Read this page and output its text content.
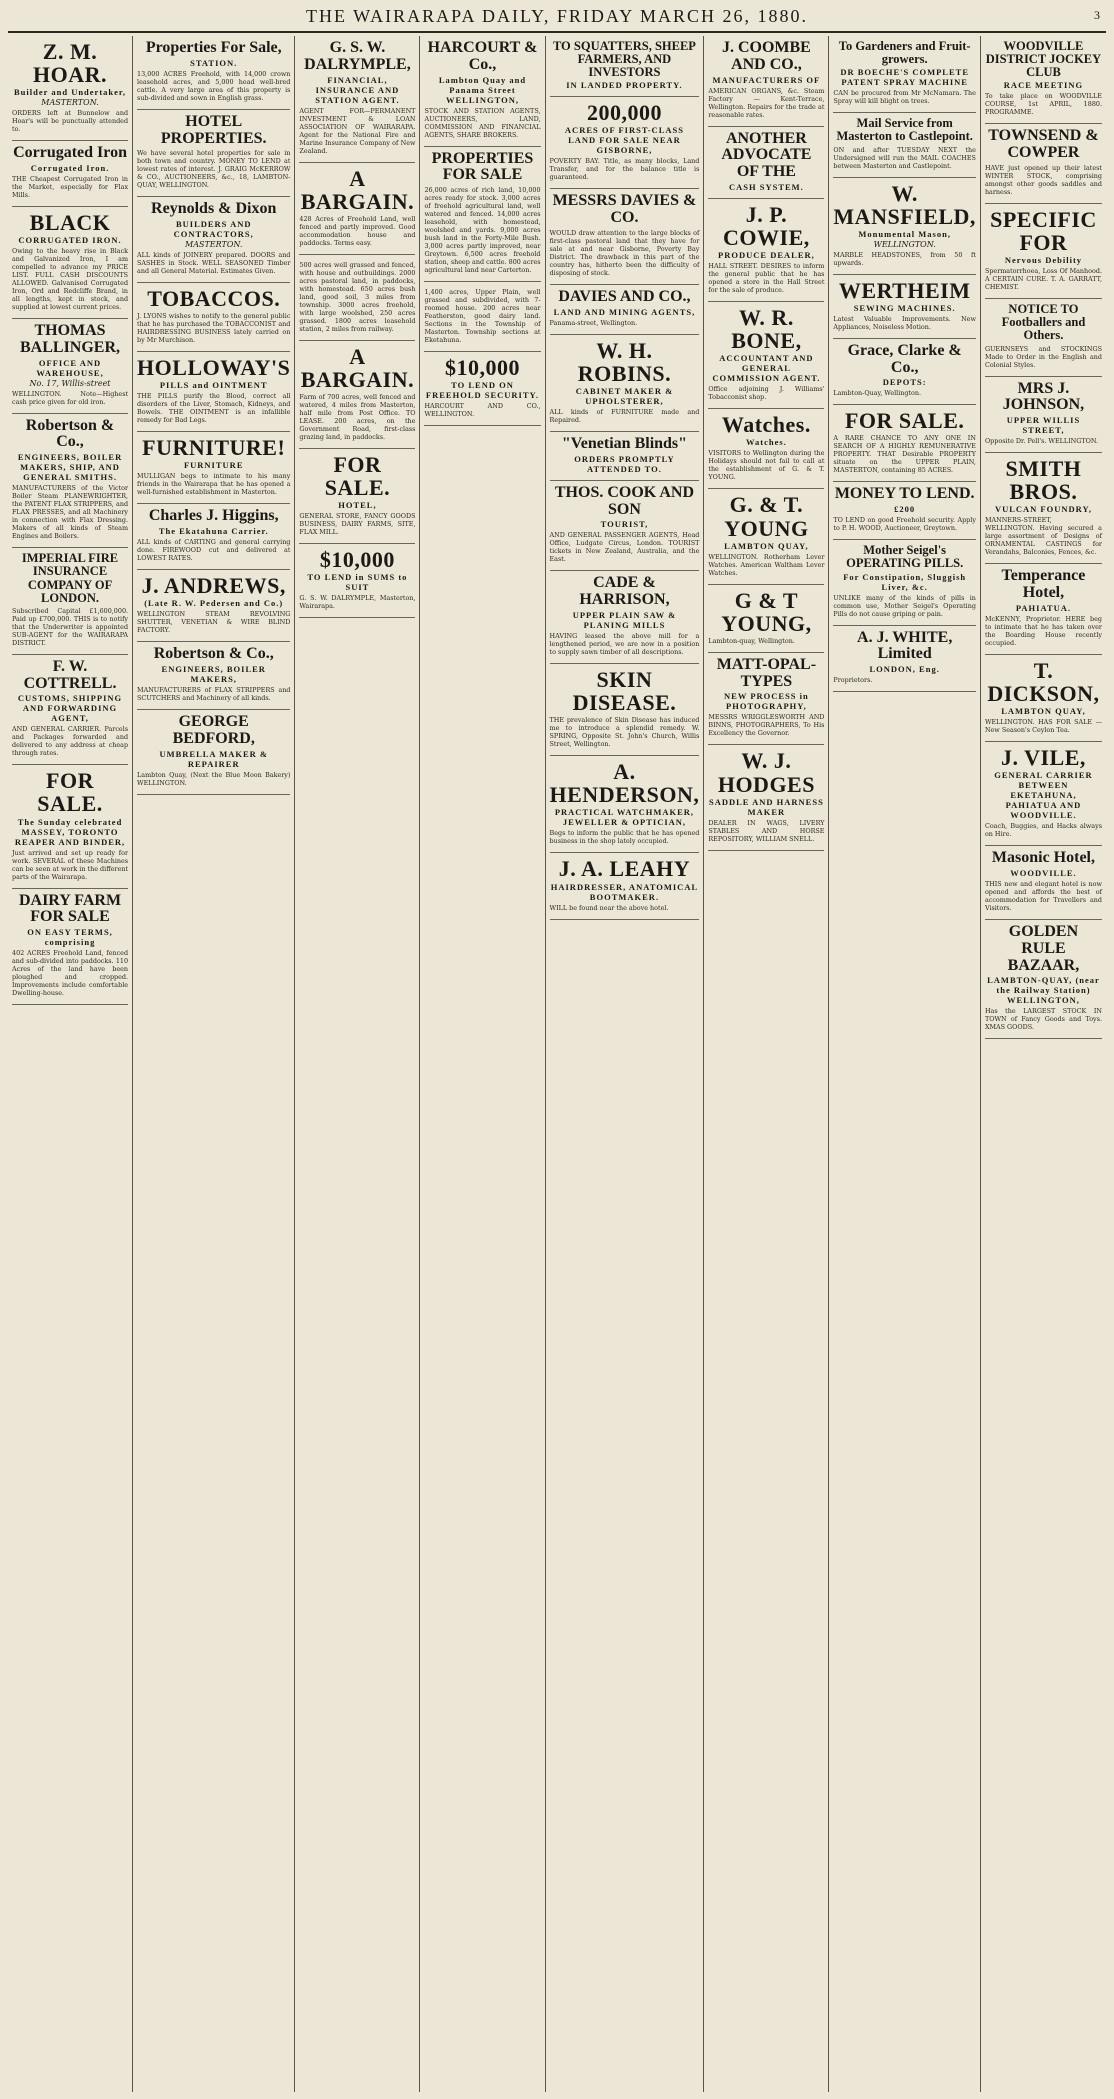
THE WAIRARAPA DAILY, FRIDAY MARCH 26, 1880.	3
Z. M. HOAR.
Builder and Undertaker,
MASTERTON.
ORDERS left at Bunnelow and Hoar's will be punctually attended to.
Corrugated Iron
Corrugated Iron.
THE Cheapest Corrugated Iron in the Market, especially for Flax Mills.
BLACK
CORRUGATED IRON.
Owing to the heavy rise in Black and Galvanized Iron, I am compelled to advance my PRICE LIST. FULL CASH DISCOUNTS ALLOWED. Galvanised Corrugated Iron, Ord and Redcliffe Brand, in all lengths, kept in stock, and supplied at lowest current prices.
THOMAS BALLINGER,
OFFICE AND WAREHOUSE,
No. 17, Willis-street
WELLINGTON. Note—Highest cash price given for old iron.
Robertson & Co.,
ENGINEERS, BOILER MAKERS, SHIP, AND GENERAL SMITHS.
MANUFACTURERS of the Victor Boiler Steam PLANEWRIGHTER, the PATENT FLAX STRIPPERS, and FLAX PRESSES, and all Machinery in connection with Flax Dressing. Makers of all kinds of Steam Engines and Boilers.
IMPERIAL FIRE INSURANCE COMPANY OF LONDON.
Subscribed Capital £1,600,000. Paid up £700,000. THIS is to notify that the Underwriter is appointed SUB-AGENT for the WAIRARAPA DISTRICT.
F. W. COTTRELL.
CUSTOMS, SHIPPING AND FORWARDING AGENT,
AND GENERAL CARRIER. Parcels and Packages forwarded and delivered to any address at cheap through rates.
FOR SALE.
The Sunday celebrated MASSEY, TORONTO REAPER AND BINDER,
Just arrived and set up ready for work. SEVERAL of these Machines can be seen at work in the different parts of the Wairarapa.
DAIRY FARM FOR SALE
ON EASY TERMS, comprising
402 ACRES Freehold Land, fenced and sub-divided into paddocks. 110 Acres of the land have been ploughed and cropped. Improvements include comfortable Dwelling-house.
Properties For Sale,
STATION.
13,000 ACRES Freehold, with 14,000 crown leasehold acres, and 5,000 head well-bred cattle. A very large area of this property is sub-divided and sown in English grass.
HOTEL PROPERTIES.
We have several hotel properties for sale in both town and country. MONEY TO LEND at lowest rates of interest. J. GRAIG McKERROW & CO., AUCTIONEERS, &c., 18, LAMBTON-QUAY, WELLINGTON.
Reynolds & Dixon
BUILDERS AND CONTRACTORS,
MASTERTON.
ALL kinds of JOINERY prepared. DOORS and SASHES in Stock. WELL SEASONED Timber and all General Material. Estimates Given.
TOBACCOS.
J. LYONS wishes to notify to the general public that he has purchased the TOBACCONIST and HAIRDRESSING BUSINESS lately carried on by Mr Murchison.
HOLLOWAY'S
PILLS and OINTMENT
THE PILLS purify the Blood, correct all disorders of the Liver, Stomach, Kidneys, and Bowels. THE OINTMENT is an infallible remedy for Bad Legs.
FURNITURE!
FURNITURE
MULLIGAN begs to intimate to his many friends in the Wairarapa that he has opened a well-furnished establishment in Masterton.
Charles J. Higgins,
The Ekatahuna Carrier.
ALL kinds of CARTING and general carrying done. FIREWOOD cut and delivered at LOWEST RATES.
J. ANDREWS,
(Late R. W. Pedersen and Co.)
WELLINGTON STEAM REVOLVING SHUTTER, VENETIAN & WIRE BLIND FACTORY.
Robertson & Co.,
ENGINEERS, BOILER MAKERS,
MANUFACTURERS of FLAX STRIPPERS and SCUTCHERS and Machinery of all kinds.
GEORGE BEDFORD,
UMBRELLA MAKER & REPAIRER
Lambton Quay, (Next the Blue Moon Bakery) WELLINGTON.
G. S. W. DALRYMPLE,
FINANCIAL, INSURANCE AND STATION AGENT.
AGENT FOR—PERMANENT INVESTMENT & LOAN ASSOCIATION OF WAIRARAPA. Agent for the National Fire and Marine Insurance Company of New Zealand.
A BARGAIN.
428 Acres of Freehold Land, well fenced and partly improved. Good accommodation house and paddocks. Terms easy.
500 acres well grassed and fenced, with house and outbuildings. 2000 acres pastoral land, in paddocks, with homestead. 650 acres bush land, good soil, 3 miles from township. 3000 acres freehold, with large woolshed, 250 acres grassed. 1800 acres leasehold station, 2 miles from railway.
A BARGAIN.
Farm of 700 acres, well fenced and watered, 4 miles from Masterton, half mile from Post Office. TO LEASE. 200 acres, on the Government Road, first-class grazing land, in paddocks.
FOR SALE.
HOTEL,
GENERAL STORE, FANCY GOODS BUSINESS, DAIRY FARMS, SITE, FLAX MILL.
$10,000
TO LEND in SUMS to SUIT
G. S. W. DALRYMPLE, Masterton, Wairarapa.
HARCOURT & Co.,
Lambton Quay and Panama Street WELLINGTON,
STOCK AND STATION AGENTS, AUCTIONEERS, LAND, COMMISSION AND FINANCIAL AGENTS, SHARE BROKERS.
PROPERTIES FOR SALE
26,000 acres of rich land, 10,000 acres ready for stock. 3,000 acres of freehold agricultural land, well watered and fenced. 14,000 acres leasehold, with homestead, woolshed and yards. 9,000 acres bush land in the Forty-Mile Bush. 3,000 acres partly improved, near Greytown. 6,500 acres freehold station, sheep and cattle. 800 acres agricultural land near Carterton.
1,400 acres, Upper Plain, well grassed and subdivided, with 7-roomed house. 200 acres near Featherston, good dairy land. Sections in the Township of Masterton. Township sections at Eketahuna.
$10,000
TO LEND ON FREEHOLD SECURITY.
HARCOURT AND CO., WELLINGTON.
TO SQUATTERS, SHEEP FARMERS, AND INVESTORS
IN LANDED PROPERTY.
200,000
ACRES OF FIRST-CLASS LAND FOR SALE NEAR GISBORNE,
POVERTY BAY. Title, as many blocks, Land Transfer, and for the balance title is guaranteed.
MESSRS DAVIES & CO.
WOULD draw attention to the large blocks of first-class pastoral land that they have for sale at and near Gisborne, Poverty Bay District. The drawback in this part of the country has, hitherto been the difficulty of disposing of stock.
DAVIES AND CO.,
LAND AND MINING AGENTS,
Panama-street, Wellington.
W. H. ROBINS.
CABINET MAKER & UPHOLSTERER,
ALL kinds of FURNITURE made and Repaired.
"Venetian Blinds"
ORDERS PROMPTLY ATTENDED TO.
THOS. COOK AND SON
TOURIST,
AND GENERAL PASSENGER AGENTS, Head Office, Ludgate Circus, London. TOURIST tickets in New Zealand, Australia, and the East.
CADE & HARRISON,
UPPER PLAIN SAW & PLANING MILLS
HAVING leased the above mill for a lengthened period, we are now in a position to supply sawn timber of all descriptions.
SKIN DISEASE.
THE prevalence of Skin Disease has induced me to introduce a splendid remedy. W. SPRING, Opposite St. John's Church, Willis Street, Wellington.
A. HENDERSON,
PRACTICAL WATCHMAKER, JEWELLER & OPTICIAN,
Begs to inform the public that he has opened business in the shop lately occupied.
J. A. LEAHY
HAIRDRESSER, ANATOMICAL BOOTMAKER.
WILL be found near the above hotel.
J. COOMBE AND CO.,
MANUFACTURERS OF
AMERICAN ORGANS, &c. Steam Factory — Kent-Terrace, Wellington. Repairs for the trade at reasonable rates.
ANOTHER ADVOCATE OF THE
CASH SYSTEM.
J. P. COWIE,
PRODUCE DEALER,
HALL STREET. DESIRES to inform the general public that he has opened a store in the Hall Street for the sale of produce.
W. R. BONE,
ACCOUNTANT AND GENERAL COMMISSION AGENT.
Office adjoining J. Williams' Tobacconist shop.
Watches.
Watches.
VISITORS to Wellington during the Holidays should not fail to call at the establishment of G. & T. YOUNG.
G. & T. YOUNG
LAMBTON QUAY,
WELLINGTON. Rotherham Lever Watches. American Waltham Lever Watches.
G & T YOUNG,
Lambton-quay, Wellington.
MATT-OPAL-TYPES
NEW PROCESS in PHOTOGRAPHY,
MESSRS WRIGGLESWORTH AND BINNS, PHOTOGRAPHERS, To His Excellency the Governor.
W. J. HODGES
SADDLE AND HARNESS MAKER
DEALER IN WAGS, LIVERY STABLES AND HORSE REPOSITORY, WILLIAM SNELL.
To Gardeners and Fruit-growers.
DR BOECHE'S COMPLETE PATENT SPRAY MACHINE
CAN be procured from Mr McNamara. The Spray will kill blight on trees.
Mail Service from Masterton to Castlepoint.
ON and after TUESDAY NEXT the Undersigned will run the MAIL COACHES between Masterton and Castlepoint.
W. MANSFIELD,
Monumental Mason,
WELLINGTON.
MARBLE HEADSTONES, from 50 ft upwards.
WERTHEIM
SEWING MACHINES.
Latest Valuable Improvements. New Appliances, Noiseless Motion.
Grace, Clarke & Co.,
DEPOTS:
Lambton-Quay, Wellington.
FOR SALE.
A RARE CHANCE TO ANY ONE IN SEARCH OF A HIGHLY REMUNERATIVE PROPERTY. THAT Desirable PROPERTY situate on the UPPER PLAIN, MASTERTON, containing 85 ACRES.
MONEY TO LEND.
£200
TO LEND on good Freehold security. Apply to P. H. WOOD, Auctioneer, Greytown.
Mother Seigel's OPERATING PILLS.
For Constipation, Sluggish Liver, &c.
UNLIKE many of the kinds of pills in common use, Mother Seigel's Operating Pills do not cause griping or pain.
A. J. WHITE, Limited
LONDON, Eng.
Proprietors.
WOODVILLE DISTRICT JOCKEY CLUB
RACE MEETING
To take place on WOODVILLE COURSE, 1st APRIL, 1880. PROGRAMME.
TOWNSEND & COWPER
HAVE just opened up their latest WINTER STOCK, comprising amongst other goods saddles and harness.
SPECIFIC FOR
Nervous Debility
Spermatorrhoea, Loss Of Manhood. A CERTAIN CURE. T. A. GARRATT, CHEMIST.
NOTICE TO Footballers and Others.
GUERNSEYS and STOCKINGS Made to Order in the English and Colonial Styles.
MRS J. JOHNSON,
UPPER WILLIS STREET,
Opposite Dr. Pell's. WELLINGTON.
SMITH BROS.
VULCAN FOUNDRY,
MANNERS-STREET, WELLINGTON. Having secured a large assortment of Designs of ORNAMENTAL CASTINGS for Verandahs, Balconies, Fences, &c.
Temperance Hotel,
PAHIATUA.
McKENNY, Proprietor. HERE beg to intimate that he has taken over the Boarding House recently occupied.
T. DICKSON,
LAMBTON QUAY,
WELLINGTON. HAS FOR SALE — New Season's Ceylon Tea.
J. VILE,
GENERAL CARRIER BETWEEN EKETAHUNA, PAHIATUA AND WOODVILLE.
Coach, Buggies, and Hacks always on Hire.
Masonic Hotel,
WOODVILLE.
THIS new and elegant hotel is now opened and affords the best of accommodation for Travellers and Visitors.
GOLDEN RULE BAZAAR,
LAMBTON-QUAY, (near the Railway Station) WELLINGTON,
Has the LARGEST STOCK IN TOWN of Fancy Goods and Toys. XMAS GOODS.
